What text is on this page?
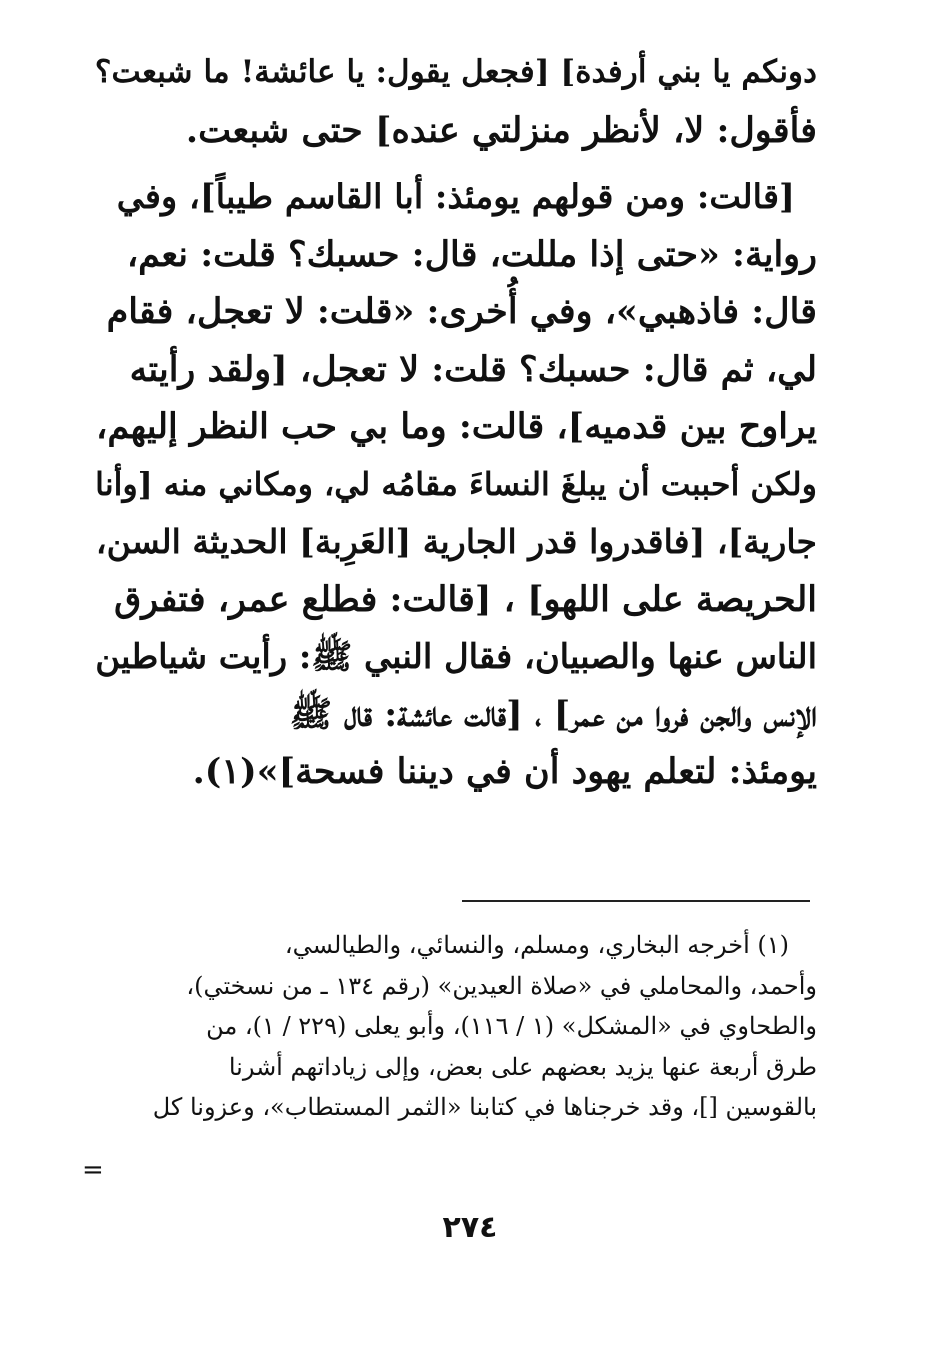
دونكم يا بني أرفدة] [فجعل يقول: يا عائشة! ما شبعت؟
فأقول: لا، لأنظر منزلتي عنده] حتى شبعت.
[قالت: ومن قولهم يومئذ: أبا القاسم طيباً]، وفي
رواية: «حتى إذا مللت، قال: حسبك؟ قلت: نعم،
قال: فاذهبي»، وفي أُخرى: «قلت: لا تعجل، فقام
لي، ثم قال: حسبك؟ قلت: لا تعجل، [ولقد رأيته
يراوح بين قدميه]، قالت: وما بي حب النظر إليهم،
ولكن أحببت أن يبلغَ النساءَ مقامُه لي، ومكاني منه [وأنا
جارية]، [فاقدروا قدر الجارية [العَرِبة] الحديثة السن،
الحريصة على اللهو] ، [قالت: فطلع عمر، فتفرق
الناس عنها والصبيان، فقال النبي ﷺ: رأيت شياطين
الإنس والجن فروا من عمر] ، [قالت عائشة: قال ﷺ
يومئذ: لتعلم يهود أن في ديننا فسحة]»(١).
(١) أخرجه البخاري، ومسلم، والنسائي، والطيالسي،
وأحمد، والمحاملي في «صلاة العيدين» (رقم ١٣٤ ـ من نسختي)،
والطحاوي في «المشكل» (١ / ١١٦)، وأبو يعلى (٢٢٩ / ١)، من
طرق أربعة عنها يزيد بعضهم على بعض، وإلى زياداتهم أشرنا
بالقوسين []، وقد خرجناها في كتابنا «الثمر المستطاب»، وعزونا كل
=
٢٧٤
